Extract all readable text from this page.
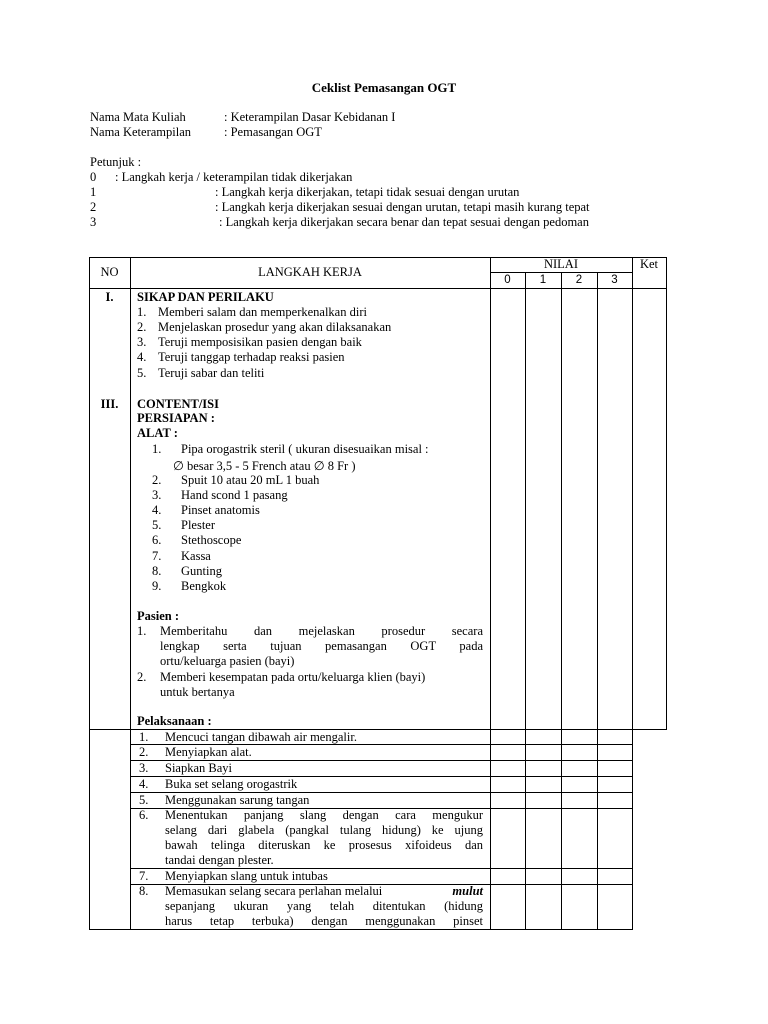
Ceklist Pemasangan OGT
Nama Mata Kuliah	: Keterampilan Dasar Kebidanan I
Nama Keterampilan	: Pemasangan OGT
Petunjuk :
0 : Langkah kerja / keterampilan tidak dikerjakan
1	: Langkah kerja dikerjakan, tetapi tidak sesuai dengan urutan
2	: Langkah kerja dikerjakan sesuai dengan urutan, tetapi masih kurang tepat
3	: Langkah kerja dikerjakan secara benar dan tepat sesuai dengan pedoman
NO	LANGKAH KERJA
NILAI	Ket
0	1	2	3
I.	SIKAP DAN PERILAKU
1. Memberi salam dan memperkenalkan diri
2. Menjelaskan prosedur yang akan dilaksanakan
3. Teruji memposisikan pasien dengan baik
4. Teruji tanggap terhadap reaksi pasien
5. Teruji sabar dan teliti
III.	CONTENT/ISI
PERSIAPAN :
ALAT :
1. Pipa orogastrik steril ( ukuran disesuaikan misal :
∅ besar 3,5 - 5 French atau ∅ 8 Fr )
2. Spuit 10 atau 20 mL 1 buah
3. Hand scond 1 pasang
4. Pinset anatomis
5. Plester
6. Stethoscope
7. Kassa
8. Gunting
9. Bengkok
Pasien :
1. Memberitahu dan mejelaskan prosedur secara
lengkap serta tujuan pemasangan OGT pada
ortu/keluarga pasien (bayi)
2. Memberi kesempatan pada ortu/keluarga klien (bayi)
untuk bertanya
Pelaksanaan :
1. Mencuci tangan dibawah air mengalir.
2. Menyiapkan alat.
3. Siapkan Bayi
4. Buka set selang orogastrik
5. Menggunakan sarung tangan
6. Menentukan panjang slang dengan cara mengukur
selang dari glabela (pangkal tulang hidung) ke ujung
bawah telinga diteruskan ke prosesus xifoideus dan
tandai dengan plester.
7. Menyiapkan slang untuk intubas
8. Memasukan selang secara perlahan melalui	mulut
sepanjang ukuran yang telah ditentukan (hidung
harus tetap terbuka) dengan menggunakan pinset
